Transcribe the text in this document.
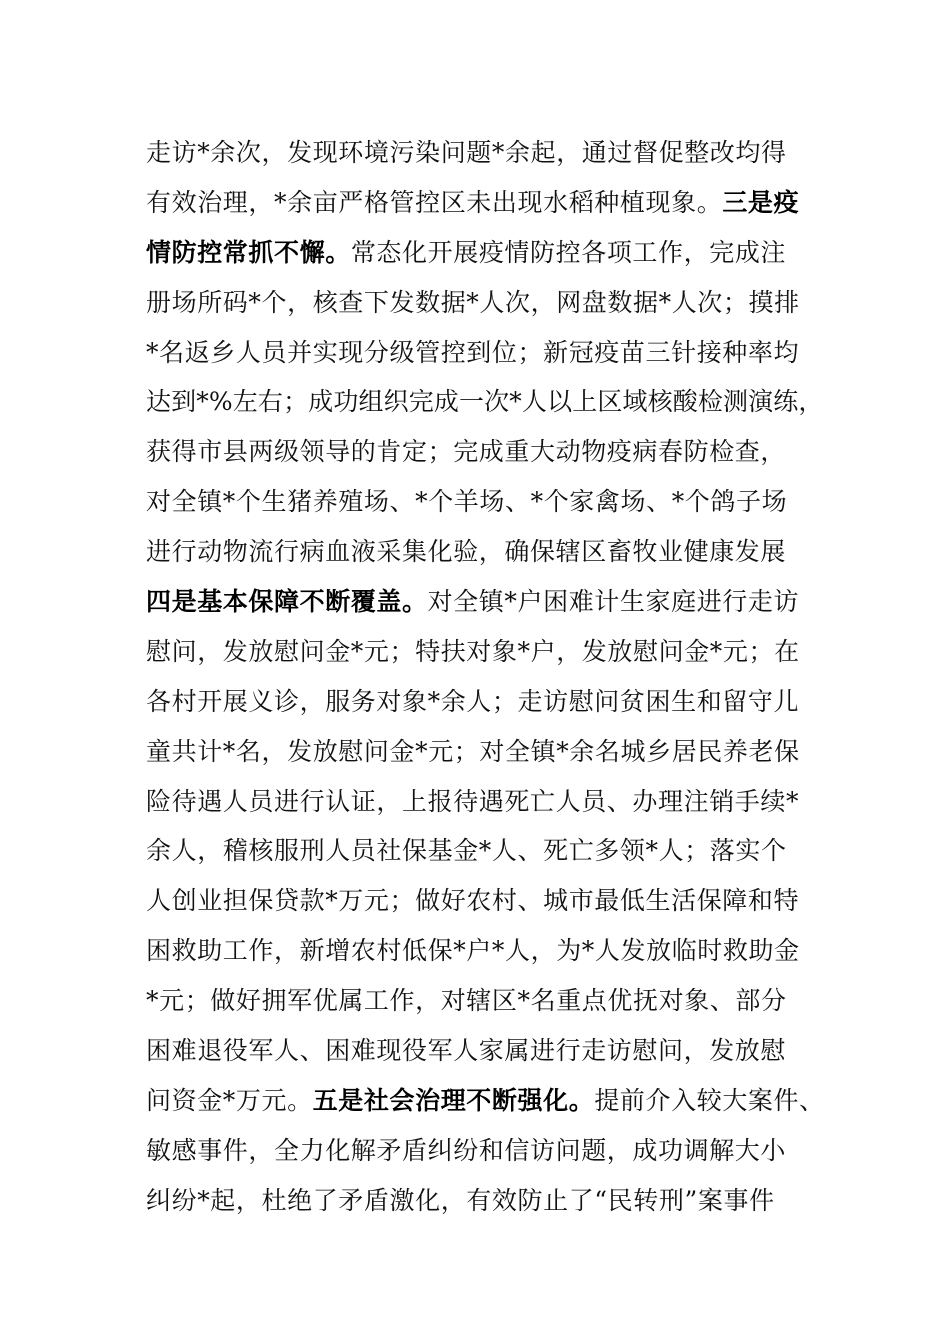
走访*余次，发现环境污染问题*余起，通过督促整改均得
有效治理，*余亩严格管控区未出现水稻种植现象。三是疫
情防控常抓不懈。常态化开展疫情防控各项工作，完成注
册场所码*个，核查下发数据*人次，网盘数据*人次；摸排
*名返乡人员并实现分级管控到位；新冠疫苗三针接种率均
达到*%左右；成功组织完成一次*人以上区域核酸检测演练，
获得市县两级领导的肯定；完成重大动物疫病春防检查，
对全镇*个生猪养殖场、*个羊场、*个家禽场、*个鸽子场
进行动物流行病血液采集化验，确保辖区畜牧业健康发展
四是基本保障不断覆盖。对全镇*户困难计生家庭进行走访
慰问，发放慰问金*元；特扶对象*户，发放慰问金*元；在
各村开展义诊，服务对象*余人；走访慰问贫困生和留守儿
童共计*名，发放慰问金*元；对全镇*余名城乡居民养老保
险待遇人员进行认证，上报待遇死亡人员、办理注销手续*
余人，稽核服刑人员社保基金*人、死亡多领*人；落实个
人创业担保贷款*万元；做好农村、城市最低生活保障和特
困救助工作，新增农村低保*户*人，为*人发放临时救助金
*元；做好拥军优属工作，对辖区*名重点优抚对象、部分
困难退役军人、困难现役军人家属进行走访慰问，发放慰
问资金*万元。五是社会治理不断强化。提前介入较大案件、
敏感事件，全力化解矛盾纠纷和信访问题，成功调解大小
纠纷*起，杜绝了矛盾激化，有效防止了“民转刑”案事件
